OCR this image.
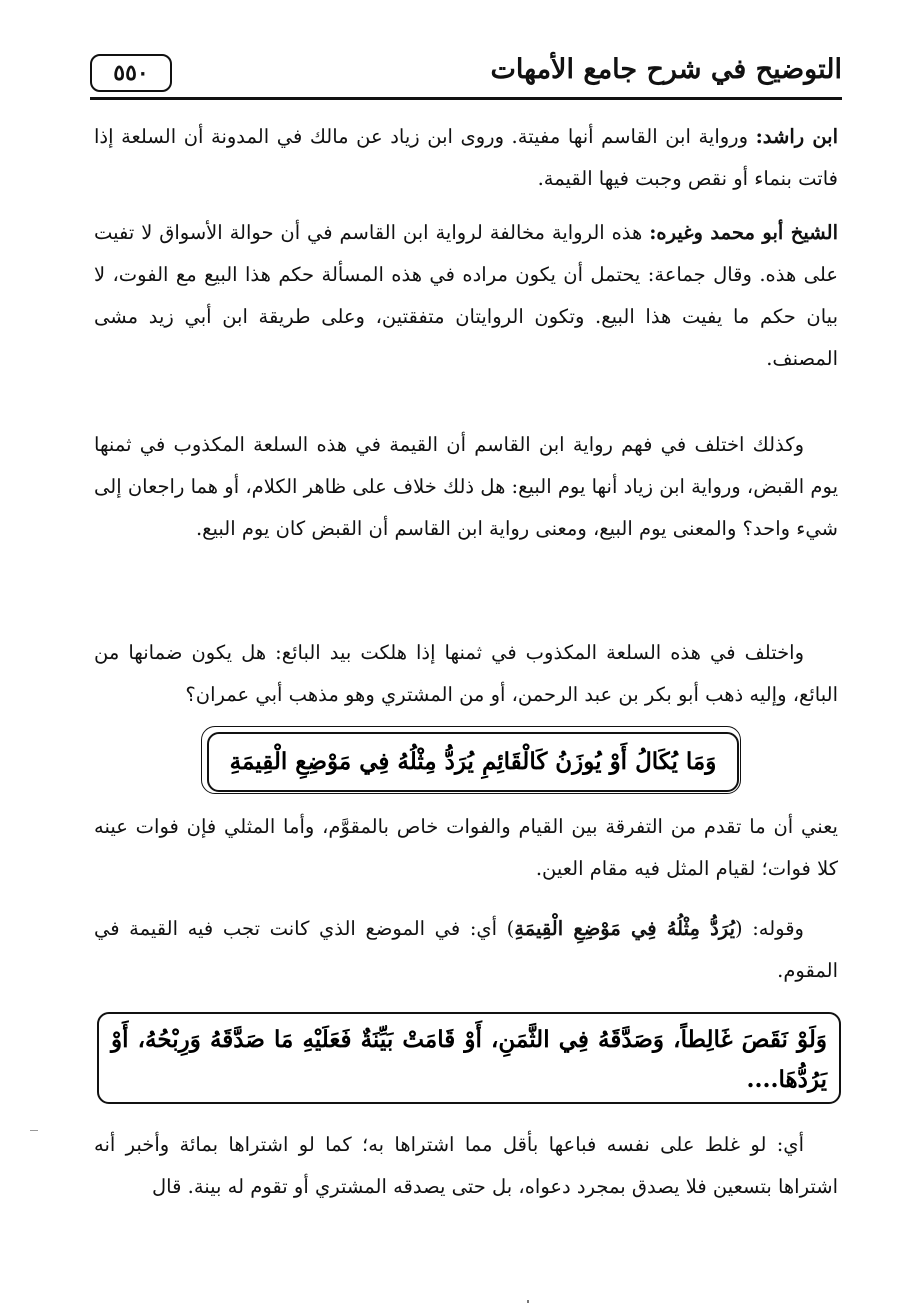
التوضيح في شرح جامع الأمهات
٥٥٠
ابن راشد: ورواية ابن القاسم أنها مفيتة. وروى ابن زياد عن مالك في المدونة أن السلعة إذا فاتت بنماء أو نقص وجبت فيها القيمة.
الشيخ أبو محمد وغيره: هذه الرواية مخالفة لرواية ابن القاسم في أن حوالة الأسواق لا تفيت على هذه. وقال جماعة: يحتمل أن يكون مراده في هذه المسألة حكم هذا البيع مع الفوت، لا بيان حكم ما يفيت هذا البيع. وتكون الروايتان متفقتين، وعلى طريقة ابن أبي زيد مشى المصنف.
وكذلك اختلف في فهم رواية ابن القاسم أن القيمة في هذه السلعة المكذوب في ثمنها يوم القبض، ورواية ابن زياد أنها يوم البيع: هل ذلك خلاف على ظاهر الكلام، أو هما راجعان إلى شيء واحد؟ والمعنى يوم البيع، ومعنى رواية ابن القاسم أن القبض كان يوم البيع.
واختلف في هذه السلعة المكذوب في ثمنها إذا هلكت بيد البائع: هل يكون ضمانها من البائع، وإليه ذهب أبو بكر بن عبد الرحمن، أو من المشتري وهو مذهب أبي عمران؟
وَمَا يُكَالُ أَوْ يُوزَنُ كَالْقَائِمِ يُرَدُّ مِثْلُهُ فِي مَوْضِعِ الْقِيمَةِ
يعني أن ما تقدم من التفرقة بين القيام والفوات خاص بالمقوَّم، وأما المثلي فإن فوات عينه كلا فوات؛ لقيام المثل فيه مقام العين.
وقوله: (يُرَدُّ مِثْلُهُ فِي مَوْضِعِ الْقِيمَةِ) أي: في الموضع الذي كانت تجب فيه القيمة في المقوم.
وَلَوْ نَقَصَ غَالِطاً، وَصَدَّقَهُ فِي الثَّمَنِ، أَوْ قَامَتْ بَيِّنَةٌ فَعَلَيْهِ مَا صَدَّقَهُ وَرِبْحُهُ، أَوْ يَرُدُّهَا....
أي: لو غلط على نفسه فباعها بأقل مما اشتراها به؛ كما لو اشتراها بمائة وأخبر أنه اشتراها بتسعين فلا يصدق بمجرد دعواه، بل حتى يصدقه المشتري أو تقوم له بينة. قال
